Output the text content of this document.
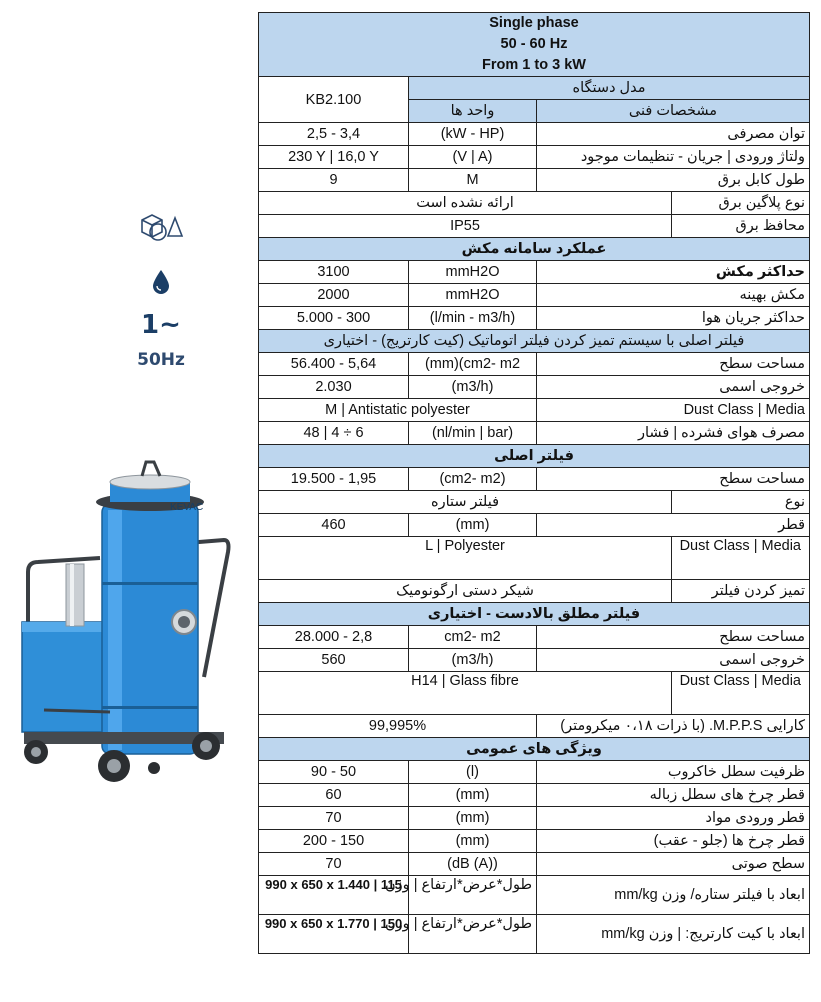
1~
50Hz
KEVAC
Single phase
50 - 60 Hz
From 1 to 3 kW			

KB2.100	مدل دستگاه		
	واحد ها	مشخصات فنی	
2,5 - 3,4	(kW - HP)	توان مصرفی	
230 Y | 16,0 Y	(V | A)	ولتاژ ورودی | جریان - تنظیمات موجود	
9	M	طول کابل برق	
ارائه نشده است			نوع پلاگین برق
IP55			محافظ برق
عملکرد سامانه مکش			
3100	mmH2O	حداکثر مکش	
2000	mmH2O	مکش بهینه	
5.000 - 300	(l/min - m3/h)	حداکثر جریان هوا	
فیلتر اصلی با سیستم تمیز کردن فیلتر اتوماتیک (کیت کارتریج) - اختیاری			
56.400 - 5,64	(mm)(cm2- m2	مساحت سطح	
2.030	(m3/h)	خروجی اسمی	
M | Antistatic polyester		Dust Class | Media	
48 | 4 ÷ 6	(nl/min | bar)	مصرف هوای فشرده | فشار	
فیلتر اصلی			
19.500 - 1,95	(cm2- m2)	مساحت سطح	
فیلتر ستاره			نوع
460	(mm)	قطر	
L | Polyester			Dust Class | Media
شیکر دستی ارگونومیک			تمیز کردن فیلتر
فیلتر مطلق بالادست - اختیاری			
28.000 - 2,8	cm2- m2	مساحت سطح	
560	(m3/h)	خروجی اسمی	
H14 | Glass fibre			Dust Class | Media
99,995%		کارایی M.P.P.S. (با ذرات ۰،۱۸ میکرومتر)	
ویژگی های عمومی			
90 - 50	(l)	ظرفیت سطل خاکروب	
60	(mm)	قطر چرخ های سطل زباله	
70	(mm)	قطر ورودی مواد	
200 - 150	(mm)	قطر چرخ ها (جلو - عقب)	
70	(dB (A))	سطح صوتی	
990 x 650 x 1.440 | 115	طول*عرض*ارتفاع | وزن	ابعاد با فیلتر ستاره/ وزن mm/kg	
990 x 650 x 1.770 | 150	طول*عرض*ارتفاع | وزن	ابعاد با کیت کارتریج: | وزن mm/kg	
